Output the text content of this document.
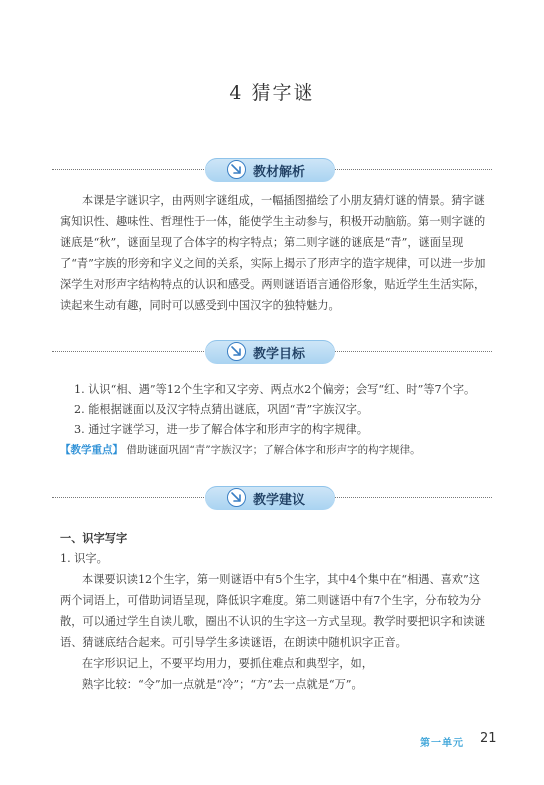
4 猜字谜
教材解析

本课是字谜识字，由两则字谜组成，一幅插图描绘了小朋友猜灯谜的情景。猜字谜寓知识性、趣味性、哲理性于一体，能使学生主动参与，积极开动脑筋。第一则字谜的谜底是“秋”，谜面呈现了合体字的构字特点；第二则字谜的谜底是“青”，谜面呈现了“青”字族的形旁和字义之间的关系，实际上揭示了形声字的造字规律，可以进一步加深学生对形声字结构特点的认识和感受。两则谜语语言通俗形象，贴近学生生活实际，读起来生动有趣，同时可以感受到中国汉字的独特魅力。

教学目标
1. 认识“相、遇”等12个生字和又字旁、两点水2个偏旁；会写“红、时”等7个字。
2. 能根据谜面以及汉字特点猜出谜底，巩固“青”字族汉字。
3. 通过字谜学习，进一步了解合体字和形声字的构字规律。
【教学重点】 借助谜面巩固“青”字族汉字；了解合体字和形声字的构字规律。
教学建议
一、识字写字
1. 识字。

本课要识读12个生字，第一则谜语中有5个生字，其中4个集中在“相遇、喜欢”这两个词语上，可借助词语呈现，降低识字难度。第二则谜语中有7个生字，分布较为分散，可以通过学生自读儿歌，圈出不认识的生字这一方式呈现。教学时要把识字和读谜语、猜谜底结合起来。可引导学生多读谜语，在朗读中随机识字正音。

在字形识记上，不要平均用力，要抓住难点和典型字，如，
熟字比较：“令”加一点就是“冷”；“方”去一点就是“万”。
第一单元 21
